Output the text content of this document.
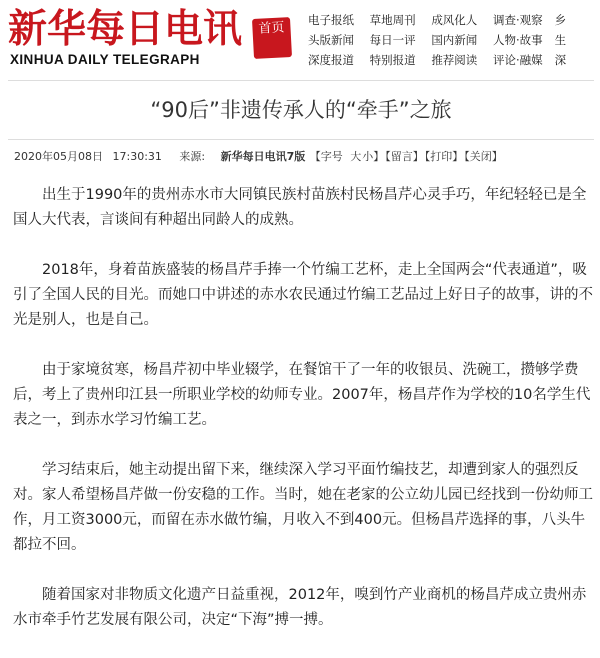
新华每日电讯
XINHUA DAILY TELEGRAPH
首页
电子报纸 草地周刊 成风化人 调查·观察 乡
头版新闻 每日一评 国内新闻 人物·故事 生
深度报道 特别报道 推荐阅读 评论·融媒 深
“90后”非遗传承人的“牵手”之旅
2020年05月08日 17:30:31 来源: 新华每日电讯7版 【字号 大小】【留言】【打印】【关闭】

出生于1990年的贵州赤水市大同镇民族村苗族村民杨昌芹心灵手巧，年纪轻轻已是全国人大代表，言谈间有种超出同龄人的成熟。

2018年，身着苗族盛装的杨昌芹手捧一个竹编工艺杯，走上全国两会“代表通道”，吸引了全国人民的目光。而她口中讲述的赤水农民通过竹编工艺品过上好日子的故事，讲的不光是别人，也是自己。

由于家境贫寒，杨昌芹初中毕业辍学，在餐馆干了一年的收银员、洗碗工，攒够学费后，考上了贵州印江县一所职业学校的幼师专业。2007年，杨昌芹作为学校的10名学生代表之一，到赤水学习竹编工艺。

学习结束后，她主动提出留下来，继续深入学习平面竹编技艺，却遭到家人的强烈反对。家人希望杨昌芹做一份安稳的工作。当时，她在老家的公立幼儿园已经找到一份幼师工作，月工资3000元，而留在赤水做竹编，月收入不到400元。但杨昌芹选择的事，八头牛都拉不回。

随着国家对非物质文化遗产日益重视，2012年，嗅到竹产业商机的杨昌芹成立贵州赤水市牵手竹艺发展有限公司，决定“下海”搏一搏。
